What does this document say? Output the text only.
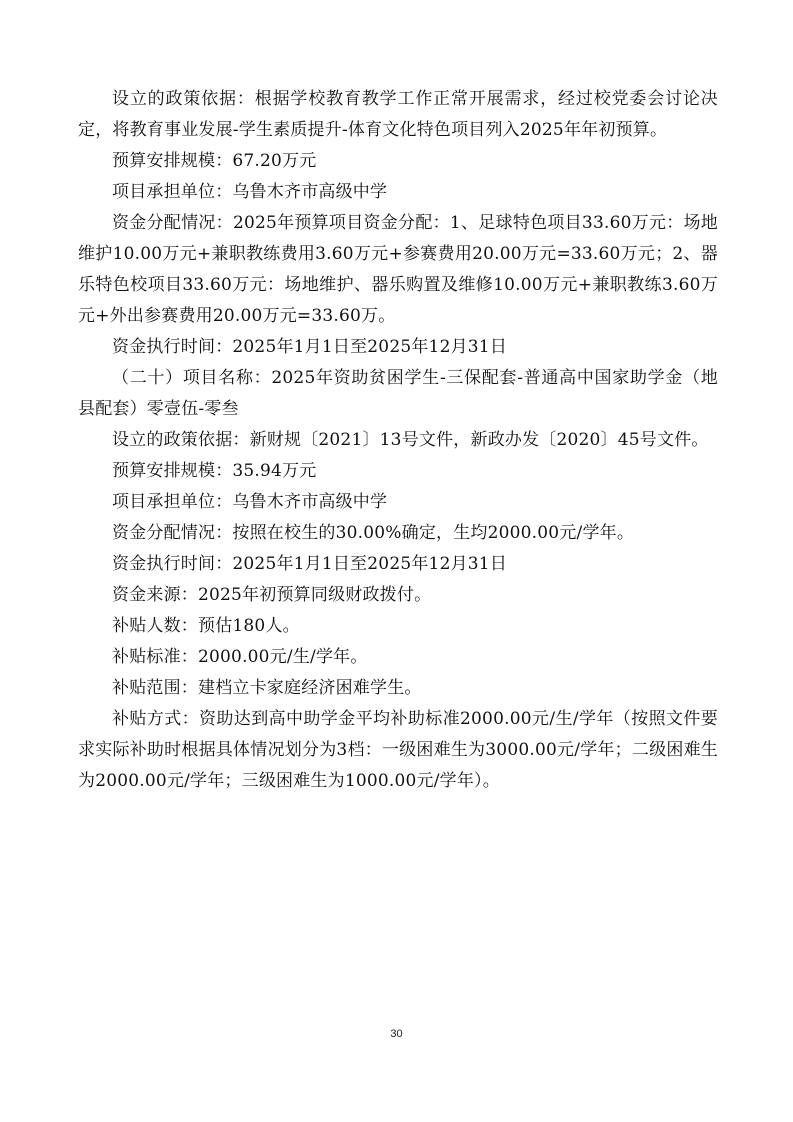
设立的政策依据：根据学校教育教学工作正常开展需求，经过校党委会讨论决定，将教育事业发展-学生素质提升-体育文化特色项目列入2025年年初预算。

预算安排规模：67.20万元

项目承担单位：乌鲁木齐市高级中学

资金分配情况：2025年预算项目资金分配：1、足球特色项目33.60万元：场地维护10.00万元+兼职教练费用3.60万元+参赛费用20.00万元=33.60万元；2、器乐特色校项目33.60万元：场地维护、器乐购置及维修10.00万元+兼职教练3.60万元+外出参赛费用20.00万元=33.60万。

资金执行时间：2025年1月1日至2025年12月31日

（二十）项目名称：2025年资助贫困学生-三保配套-普通高中国家助学金（地县配套）零壹伍-零叁

设立的政策依据：新财规〔2021〕13号文件，新政办发〔2020〕45号文件。

预算安排规模：35.94万元

项目承担单位：乌鲁木齐市高级中学

资金分配情况：按照在校生的30.00%确定，生均2000.00元/学年。

资金执行时间：2025年1月1日至2025年12月31日

资金来源：2025年初预算同级财政拨付。

补贴人数：预估180人。

补贴标准：2000.00元/生/学年。

补贴范围：建档立卡家庭经济困难学生。

补贴方式：资助达到高中助学金平均补助标准2000.00元/生/学年（按照文件要求实际补助时根据具体情况划分为3档：一级困难生为3000.00元/学年；二级困难生为2000.00元/学年；三级困难生为1000.00元/学年）。

30
